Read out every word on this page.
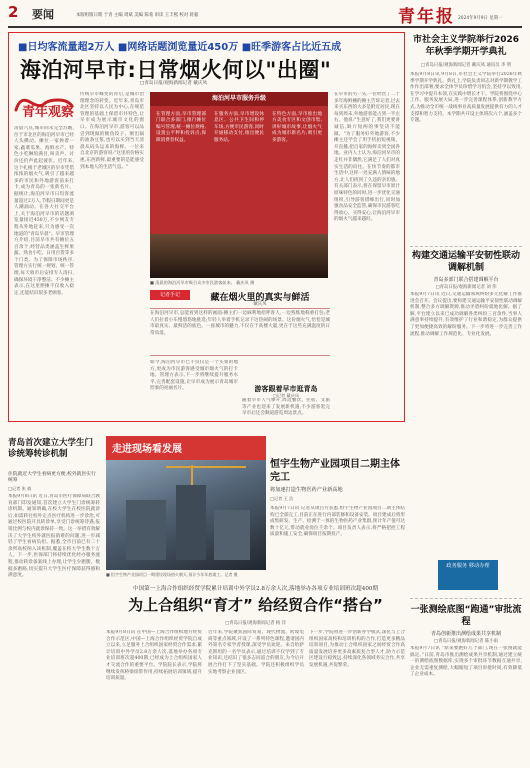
2 要闻	本版组版日期 于青 主编 周斌 美编 陈希 审读 王丰熙 校对 蒋毅	青年报 2024年9月9日 星期一
■日均客流量超2万人 ■网络话题浏览量近450万 ■旺季游客占比近五成
海泊河早市:日常烟火何以"出圈"
□青岛日报/观海新闻记者 戴庆凤
青年观察
清晨六点,城市尚未完全苏醒,位于市北区的海泊河早市已经人头攒动。摊位一家挨着一家,蔬菜瓜果、海鲜水产、特色小吃琳琅满目,叫卖声、讨价还价声此起彼伏。近年来,这个扎根于老城区的早市凭借浓浓的烟火气,吸引了越来越多的市民和外地游客前来打卡,成为青岛的一张新名片。据统计,海泊河早市日均客流量超过2万人,节假日期间更是人潮涌动。在各大社交平台上,关于海泊河早市的话题浏览量接近450万,不少网友专程从外地赶来,只为感受一次地道的"青岛早晨"。早市管理方介绍,目前早市共有摊位五百余个,经营品类涵盖生鲜果蔬、熟食小吃、日用百货等多个门类。为了保障市场秩序,管理方实行统一规划、统一管理,每天收市后安排专人清扫,确保环境干净整洁。不少摊主表示,在这里摆摊不仅收入稳定,还能结识很多老顾客。
传统早市蝶变的背后,是城市治理理念的转变。近年来,青岛市北区坚持以人民为中心,在规范管理的基础上保留市井特色,让早市成为展示城市文化的窗口。在海泊河早市,游客可以品尝到现做的鲅鱼饺子、刚出锅的油条豆浆,也可以买到当天清晨从码头运来的海鲜。一位来自北京的游客说:"这里的价格实惠,东西新鲜,最重要的是能感受到本地人的生活气息。"
海泊河早市服务升级
在管理方面,早市管理部门联合多部门,推行摊位编号管理,统一摊位规格,设置公平秤和投诉点,保障消费者权益。
在服务方面,早市增设休息区、公共卫生间和停车场,方便市民游客,同时开通移动支付,推出便民服务站。
在特色方面,早市推出地方美食专区和文创市集,讲好城市故事,让烟火气成为城市新名片,吸引更多游客。
■ 清晨的海泊河早市吸引众多市民游客前来。 戴庆凤 摄
在早市的另一头,一位经营了二十多年海鲜摊的摊主告诉记者,过去来买东西的大多是附近居民,现在每到周末,外地游客能占到一半左右。他说:"生意好了,我们更要讲诚信,缺斤短两的事坚决不能做。"为了服务好外地游客,不少摊主还学会了用手机拍短视频、开直播,把自家的海鲜卖到全国各地。业内人士认为,海泊河早市的走红并非偶然,它满足了人们对真实生活的向往。在快节奏的都市生活中,这样一处充满人情味的地方,让人们找到了久违的亲切感。有关部门表示,将在保留早市原汁原味特色的同时,进一步优化交通组织,引导游客错峰出行,同时加强食品安全监管,确保市民游客吃得放心、买得安心,让海泊河早市的烟火气越来越旺。
记者手记	藏在烟火里的真实与鲜活
戴庆凤
在海泊河早市,总能看到这样的画面:摊主们一边麻利地招呼客人,一边熟练地称重打包;老人们拉着小车慢悠悠地挑选;年轻人举着手机记录下这热闹的场景。这份烟火气,恰恰是城市最真实、最鲜活的底色。一座城市的魅力,不仅在于高楼大厦,更在于这些充满温度的日常角落。
如今,海泊河早市已不仅仅是一个买菜的地方,更成为市民游客感受城市烟火气的打卡地。管理方表示,下一步将继续提升服务水平,完善配套设施,让早市成为展示青岛城市形象的亮丽名片。	游客跟着早市逛青岛
□记者 戴庆凤
随着早市人气攀升,周边餐饮、住宿、文旅等产业也迎来了发展新机遇,不少游客逛完早市后还会顺道游览周边景点。
市社会主义学院举行2026年秋季学期开学典礼
□青岛日报/观海新闻记者 戴庆凤 通讯员 李 明
本报9月8日讯 9月8日,市社会主义学院举行2026年秋季学期开学典礼。典礼上,学院负责同志对新学期教学工作作出部署,要求全体学员珍惜学习机会,坚持学以致用,在学习中提升本领,在实践中增长才干。学院将围绕中心工作、服务发展大局,进一步完善课程体系,创新教学方式,为推动全市统一战线事业高质量发展提供有力的人才支撑和智力支持。本学期共开设主体班次六个,涵盖多个专题。
构建交通运输平安韧性联动调解机制
青岛多部门联合搭建调解平台
□青岛日报/观海新闻记者 刘 伟
本报9月7日讯 近日,交通运输领域纠纷多元化解工作推进会召开。会议提出,要构建交通运输平安韧性联动调解机制,整合多方调解资源,推动矛盾纠纷就地化解。据了解,平台建立以来已成功调解各类纠纷三百余件,当事人满意率持续提升,有效维护了行业和谐稳定,为群众提供了更加便捷高效的解纷服务。下一步将进一步完善工作流程,推动调解工作规范化、专业化发展。
政务服务 移动办理
一张测绘底图“跑通”审批流程
青岛创新推出测绘成果共享机制
□青岛日报/观海新闻记者 陈小雨
本报9月7日讯 “原来要跑好几个部门,现在一张图就能搞定。”日前,青岛市推出测绘成果共享机制,通过建立统一的测绘底图数据库,实现多个审批环节数据互通共享,企业无需重复测绘,大幅缩短了项目审批时间,有效降低了企业成本。
青岛首次建立大学生门诊统筹转诊机制
住院就近大学生看病更方便,校外就医实行统筹
□记者 张 倩
本报9月8日讯 近日,青岛市医疗保障局联合教育部门印发通知,首次建立大学生门诊统筹转诊机制。通知明确,在校大学生在校医院就诊后,如需转往校外定点医疗机构进一步诊治,可通过校医院开具转诊单,享受门诊统筹待遇,报销比例与校内就诊保持一致。这一举措有效解决了大学生校外就医报销难的问题,进一步减轻了学生看病负担。据悉,全市目前已有二十余所高校纳入该机制,覆盖在校大学生数十万人。下一步,医保部门将持续优化经办服务流程,推动转诊备案线上办理,让学生少跑腿、数据多跑路,切实提升大学生医疗保障获得感和满意度。
走进现场看发展
■ 恒宇生物产业园项目一期建设现场热火朝天,预计今年年底竣工。记者 摄
恒宇生物产业园项目二期主体完工
将加速打造生物医药产业新高地
□记者 王 浩
本报9月7日讯 记者从项目方获悉,恒宇生物产业园项目二期主体结构已全部完工,目前正在进行内部装修和设备安装。项目建成后将形成集研发、生产、检测于一体的生物医药产业集群,预计年产值可达数十亿元,带动就业岗位千余个。项目负责人表示,将严格把控工程质量和施工安全,确保项目按期投产。
中国第一上海合作组织经贸学院累计培训中外学员2.8万余人次,落地举办各项专业培训班次超400期
为上合组织“育才” 给经贸合作“搭台”
□青岛日报/观海新闻记者 杨 洋
本报9月8日讯 在中国—上海合作组织地方经贸合作示范区,中国—上海合作组织经贸学院自成立以来,立足服务上合组织国家经贸合作需求,累计培训中外学员2.8万余人次,落地举办各项专业培训班次超400期,已经成为上合组织国家人才交流合作的重要平台。学院院长表示,学院将继续发挥桥梁纽带作用,持续拓展培训领域,提升培训质量。
近年来,学院聚焦国际贸易、现代物流、跨境电商等重点领域,开设了一系列特色课程,邀请国内外知名专家学者授课,深受学员欢迎。来自哈萨克斯坦的一名学员表示,通过培训不仅学到了专业知识,还结识了很多志同道合的朋友,为今后开展合作打下了坚实基础。学院还积极组织学员实地考察企业园区。
下一步,学院将进一步创新办学模式,深化与上合组织国家高校和培训机构的合作,打造更多精品培训项目,为推动上合组织国家之间经贸合作高质量发展培养更多高素质复合型人才,助力示范区建设行稳致远,持续深化各领域务实合作,共享发展机遇,共促繁荣。
